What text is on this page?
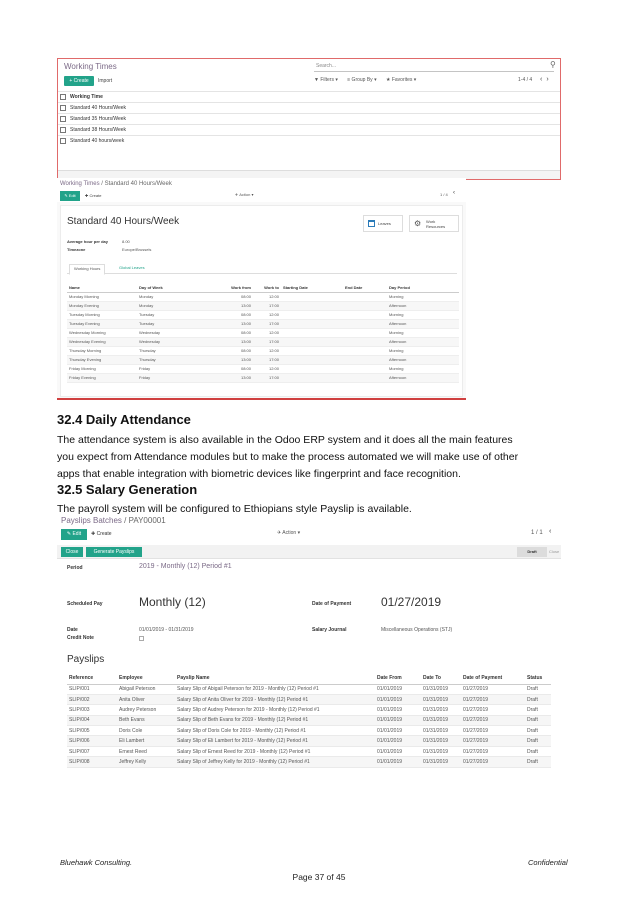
Working Times	Search...	⚲
+ Create	Import	▼ Filters ▾ ≡ Group By ▾ ★ Favorites ▾	1-4 / 4 ‹›
Working Time
Standard 40 Hours/Week
Standard 35 Hours/Week
Standard 38 Hours/Week
Standard 40 hours/week
Working Times / Standard 40 Hours/Week
✎ Edit	✚ Create	✈ Action ▾	1 / 4 ‹
Standard 40 Hours/Week	Leaves	Work
Resources
⚙
Average hour per day	8.00
Timezone	Europe/Brussels
Working Hours	Global Leaves
Name	Day of Week	Work from	Work to	Starting Date	End Date	Day Period
Monday Morning	Monday	08:00	12:00			Morning
Monday Evening	Monday	13:00	17:00			Afternoon
Tuesday Morning	Tuesday	08:00	12:00			Morning
Tuesday Evening	Tuesday	13:00	17:00			Afternoon
Wednesday Morning	Wednesday	08:00	12:00			Morning
Wednesday Evening	Wednesday	13:00	17:00			Afternoon
Thursday Morning	Thursday	08:00	12:00			Morning
Thursday Evening	Thursday	13:00	17:00			Afternoon
Friday Morning	Friday	08:00	12:00			Morning
Friday Evening	Friday	13:00	17:00			Afternoon
32.4 Daily Attendance
The attendance system is also available in the Odoo ERP system and it does all the main features you expect from Attendance modules but to make the process automated we will make use of other apps that enable integration with biometric devices like fingerprint and face recognition.
32.5 Salary Generation
The payroll system will be configured to Ethiopians style Payslip is available.
Payslips Batches / PAY00001
✎ Edit	✚ Create	✈ Action ▾	1 / 1 ‹
Close	Generate Payslips	Draft	Close
Period	2019 - Monthly (12) Period #1
Scheduled Pay	Monthly (12)	Date of Payment 01/27/2019
Date	01/01/2019 - 01/31/2019
Credit Note
Salary Journal	Miscellaneous Operations (STJ)
Payslips
Reference	Employee	Payslip Name	Date From	Date To	Date of Payment	Status
SLIP/001	Abigail Peterson	Salary Slip of Abigail Peterson for 2019 - Monthly (12) Period #1	01/01/2019	01/31/2019	01/27/2019	Draft
SLIP/002	Anita Oliver	Salary Slip of Anita Oliver for 2019 - Monthly (12) Period #1	01/01/2019	01/31/2019	01/27/2019	Draft
SLIP/003	Audrey Peterson	Salary Slip of Audrey Peterson for 2019 - Monthly (12) Period #1	01/01/2019	01/31/2019	01/27/2019	Draft
SLIP/004	Beth Evans	Salary Slip of Beth Evans for 2019 - Monthly (12) Period #1	01/01/2019	01/31/2019	01/27/2019	Draft
SLIP/005	Doris Cole	Salary Slip of Doris Cole for 2019 - Monthly (12) Period #1	01/01/2019	01/31/2019	01/27/2019	Draft
SLIP/006	Eli Lambert	Salary Slip of Eli Lambert for 2019 - Monthly (12) Period #1	01/01/2019	01/31/2019	01/27/2019	Draft
SLIP/007	Ernest Reed	Salary Slip of Ernest Reed for 2019 - Monthly (12) Period #1	01/01/2019	01/31/2019	01/27/2019	Draft
SLIP/008	Jeffrey Kelly	Salary Slip of Jeffrey Kelly for 2019 - Monthly (12) Period #1	01/01/2019	01/31/2019	01/27/2019	Draft
Bluehawk Consulting.	Confidential
Page 37 of 45
